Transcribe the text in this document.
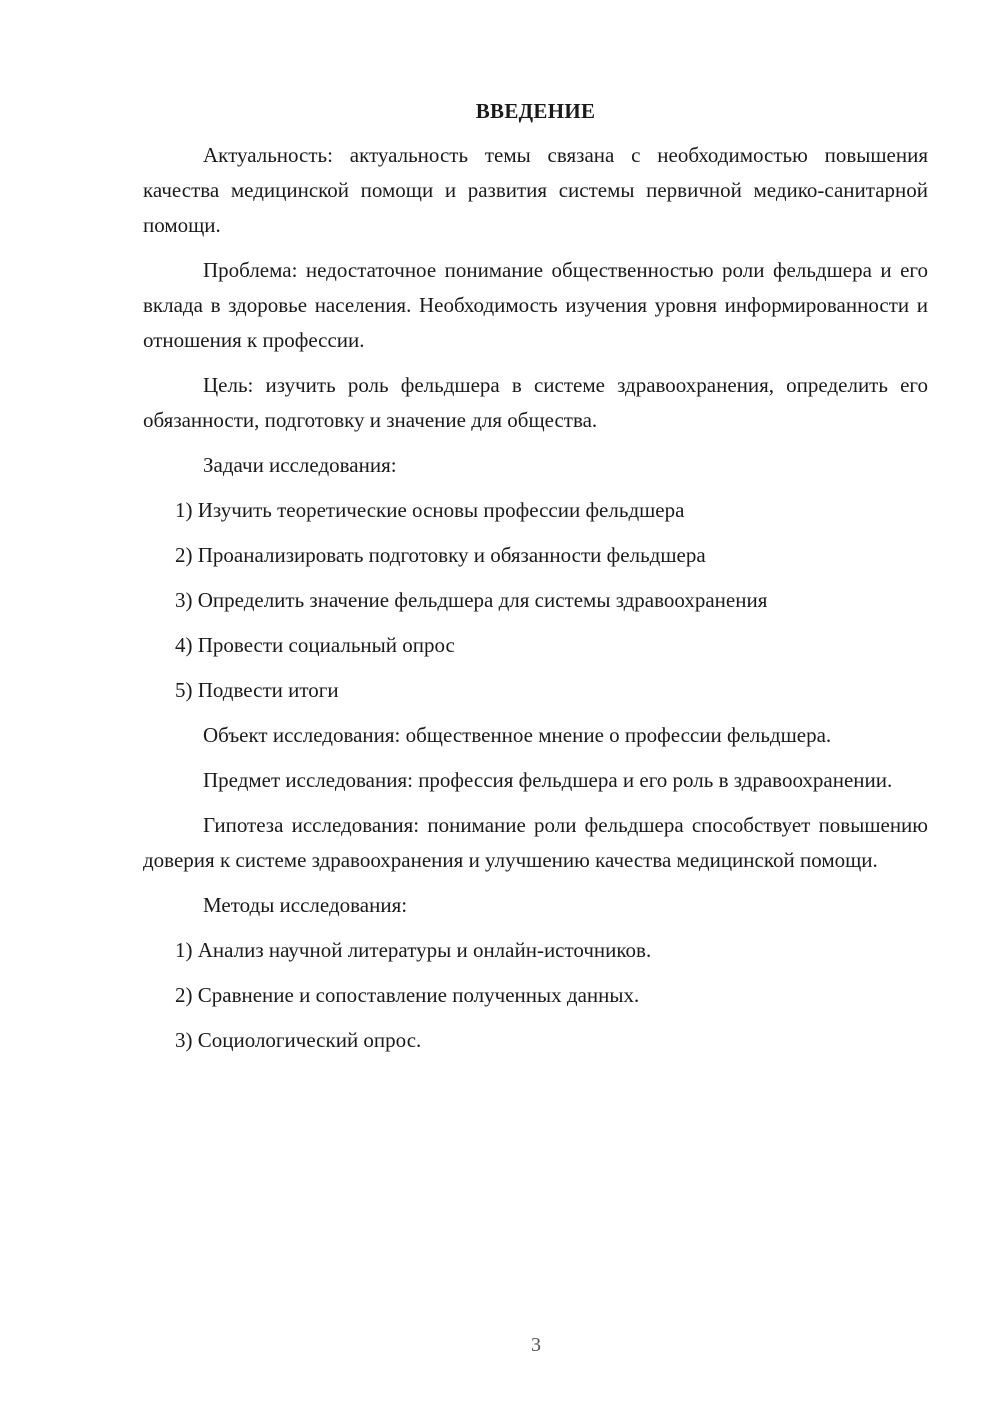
ВВЕДЕНИЕ

Актуальность: актуальность темы связана с необходимостью повышения качества медицинской помощи и развития системы первичной медико-санитарной помощи.

Проблема: недостаточное понимание общественностью роли фельдшера и его вклада в здоровье населения. Необходимость изучения уровня информированности и отношения к профессии.

Цель: изучить роль фельдшера в системе здравоохранения, определить его обязанности, подготовку и значение для общества.

Задачи исследования:

1) Изучить теоретические основы профессии фельдшера
2) Проанализировать подготовку и обязанности фельдшера
3) Определить значение фельдшера для системы здравоохранения
4) Провести социальный опрос
5) Подвести итоги

Объект исследования: общественное мнение о профессии фельдшера.

Предмет исследования: профессия фельдшера и его роль в здравоохранении.

Гипотеза исследования: понимание роли фельдшера способствует повышению доверия к системе здравоохранения и улучшению качества медицинской помощи.

Методы исследования:

1) Анализ научной литературы и онлайн-источников.
2) Сравнение и сопоставление полученных данных.
3) Социологический опрос.
3
